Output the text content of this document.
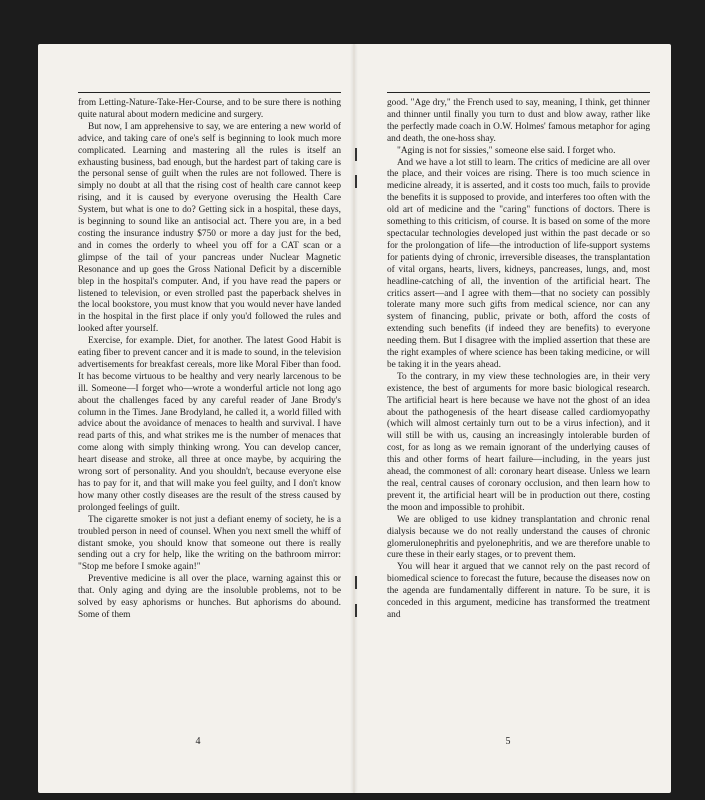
from Letting-Nature-Take-Her-Course, and to be sure there is nothing quite natural about modern medicine and surgery.

But now, I am apprehensive to say, we are entering a new world of advice, and taking care of one's self is beginning to look much more complicated. Learning and mastering all the rules is itself an exhausting business, bad enough, but the hardest part of taking care is the personal sense of guilt when the rules are not followed. There is simply no doubt at all that the rising cost of health care cannot keep rising, and it is caused by everyone overusing the Health Care System, but what is one to do? Getting sick in a hospital, these days, is beginning to sound like an antisocial act. There you are, in a bed costing the insurance industry $750 or more a day just for the bed, and in comes the orderly to wheel you off for a CAT scan or a glimpse of the tail of your pancreas under Nuclear Magnetic Resonance and up goes the Gross National Deficit by a discernible blep in the hospital's computer. And, if you have read the papers or listened to television, or even strolled past the paperback shelves in the local bookstore, you must know that you would never have landed in the hospital in the first place if only you'd followed the rules and looked after yourself.

Exercise, for example. Diet, for another. The latest Good Habit is eating fiber to prevent cancer and it is made to sound, in the television advertisements for breakfast cereals, more like Moral Fiber than food. It has become virtuous to be healthy and very nearly larcenous to be ill. Someone—I forget who—wrote a wonderful article not long ago about the challenges faced by any careful reader of Jane Brody's column in the Times. Jane Brodyland, he called it, a world filled with advice about the avoidance of menaces to health and survival. I have read parts of this, and what strikes me is the number of menaces that come along with simply thinking wrong. You can develop cancer, heart disease and stroke, all three at once maybe, by acquiring the wrong sort of personality. And you shouldn't, because everyone else has to pay for it, and that will make you feel guilty, and I don't know how many other costly diseases are the result of the stress caused by prolonged feelings of guilt.

The cigarette smoker is not just a defiant enemy of society, he is a troubled person in need of counsel. When you next smell the whiff of distant smoke, you should know that someone out there is really sending out a cry for help, like the writing on the bathroom mirror: "Stop me before I smoke again!"

Preventive medicine is all over the place, warning against this or that. Only aging and dying are the insoluble problems, not to be solved by easy aphorisms or hunches. But aphorisms do abound. Some of them

good. "Age dry," the French used to say, meaning, I think, get thinner and thinner until finally you turn to dust and blow away, rather like the perfectly made coach in O.W. Holmes' famous metaphor for aging and death, the one-hoss shay.

"Aging is not for sissies," someone else said. I forget who.

And we have a lot still to learn. The critics of medicine are all over the place, and their voices are rising. There is too much science in medicine already, it is asserted, and it costs too much, fails to provide the benefits it is supposed to provide, and interferes too often with the old art of medicine and the "caring" functions of doctors. There is something to this criticism, of course. It is based on some of the more spectacular technologies developed just within the past decade or so for the prolongation of life—the introduction of life-support systems for patients dying of chronic, irreversible diseases, the transplantation of vital organs, hearts, livers, kidneys, pancreases, lungs, and, most headline-catching of all, the invention of the artificial heart. The critics assert—and I agree with them—that no society can possibly tolerate many more such gifts from medical science, nor can any system of financing, public, private or both, afford the costs of extending such benefits (if indeed they are benefits) to everyone needing them. But I disagree with the implied assertion that these are the right examples of where science has been taking medicine, or will be taking it in the years ahead.

To the contrary, in my view these technologies are, in their very existence, the best of arguments for more basic biological research. The artificial heart is here because we have not the ghost of an idea about the pathogenesis of the heart disease called cardiomyopathy (which will almost certainly turn out to be a virus infection), and it will still be with us, causing an increasingly intolerable burden of cost, for as long as we remain ignorant of the underlying causes of this and other forms of heart failure—including, in the years just ahead, the commonest of all: coronary heart disease. Unless we learn the real, central causes of coronary occlusion, and then learn how to prevent it, the artificial heart will be in production out there, costing the moon and impossible to prohibit.

We are obliged to use kidney transplantation and chronic renal dialysis because we do not really understand the causes of chronic glomerulonephritis and pyelonephritis, and we are therefore unable to cure these in their early stages, or to prevent them.

You will hear it argued that we cannot rely on the past record of biomedical science to forecast the future, because the diseases now on the agenda are fundamentally different in nature. To be sure, it is conceded in this argument, medicine has transformed the treatment and

4	5
